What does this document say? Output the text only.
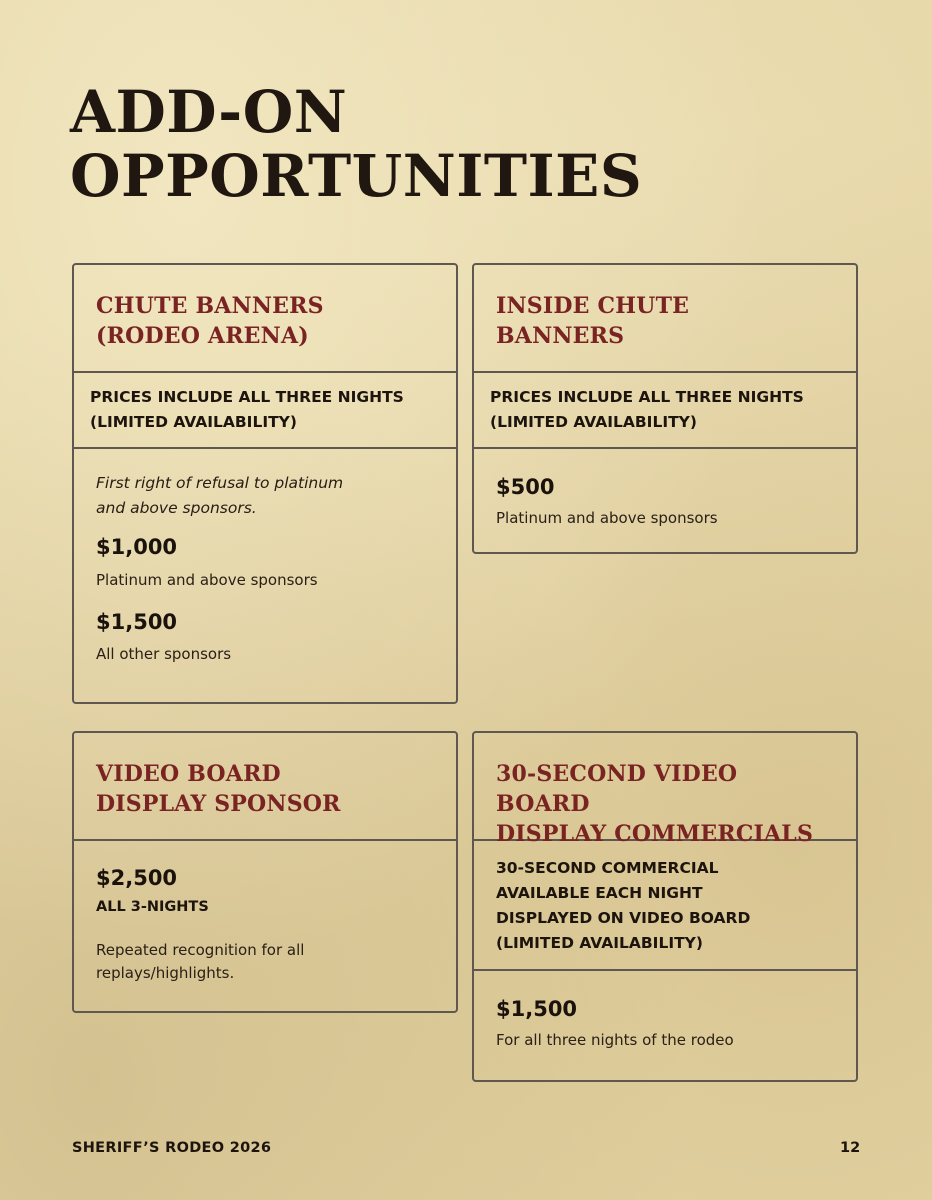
ADD-ON
OPPORTUNITIES
CHUTE BANNERS
(RODEO ARENA)
PRICES INCLUDE ALL THREE NIGHTS
(LIMITED AVAILABILITY)

First right of refusal to platinum
and above sponsors.

$1,000

Platinum and above sponsors

$1,500

All other sponsors

INSIDE CHUTE
BANNERS
PRICES INCLUDE ALL THREE NIGHTS
(LIMITED AVAILABILITY)

$500

Platinum and above sponsors

VIDEO BOARD
DISPLAY SPONSOR

$2,500

ALL 3-NIGHTS

Repeated recognition for all
replays/highlights.

30-SECOND VIDEO BOARD
DISPLAY COMMERCIALS
30-SECOND COMMERCIAL
AVAILABLE EACH NIGHT
DISPLAYED ON VIDEO BOARD
(LIMITED AVAILABILITY)

$1,500

For all three nights of the rodeo

SHERIFF’S RODEO 2026	12
